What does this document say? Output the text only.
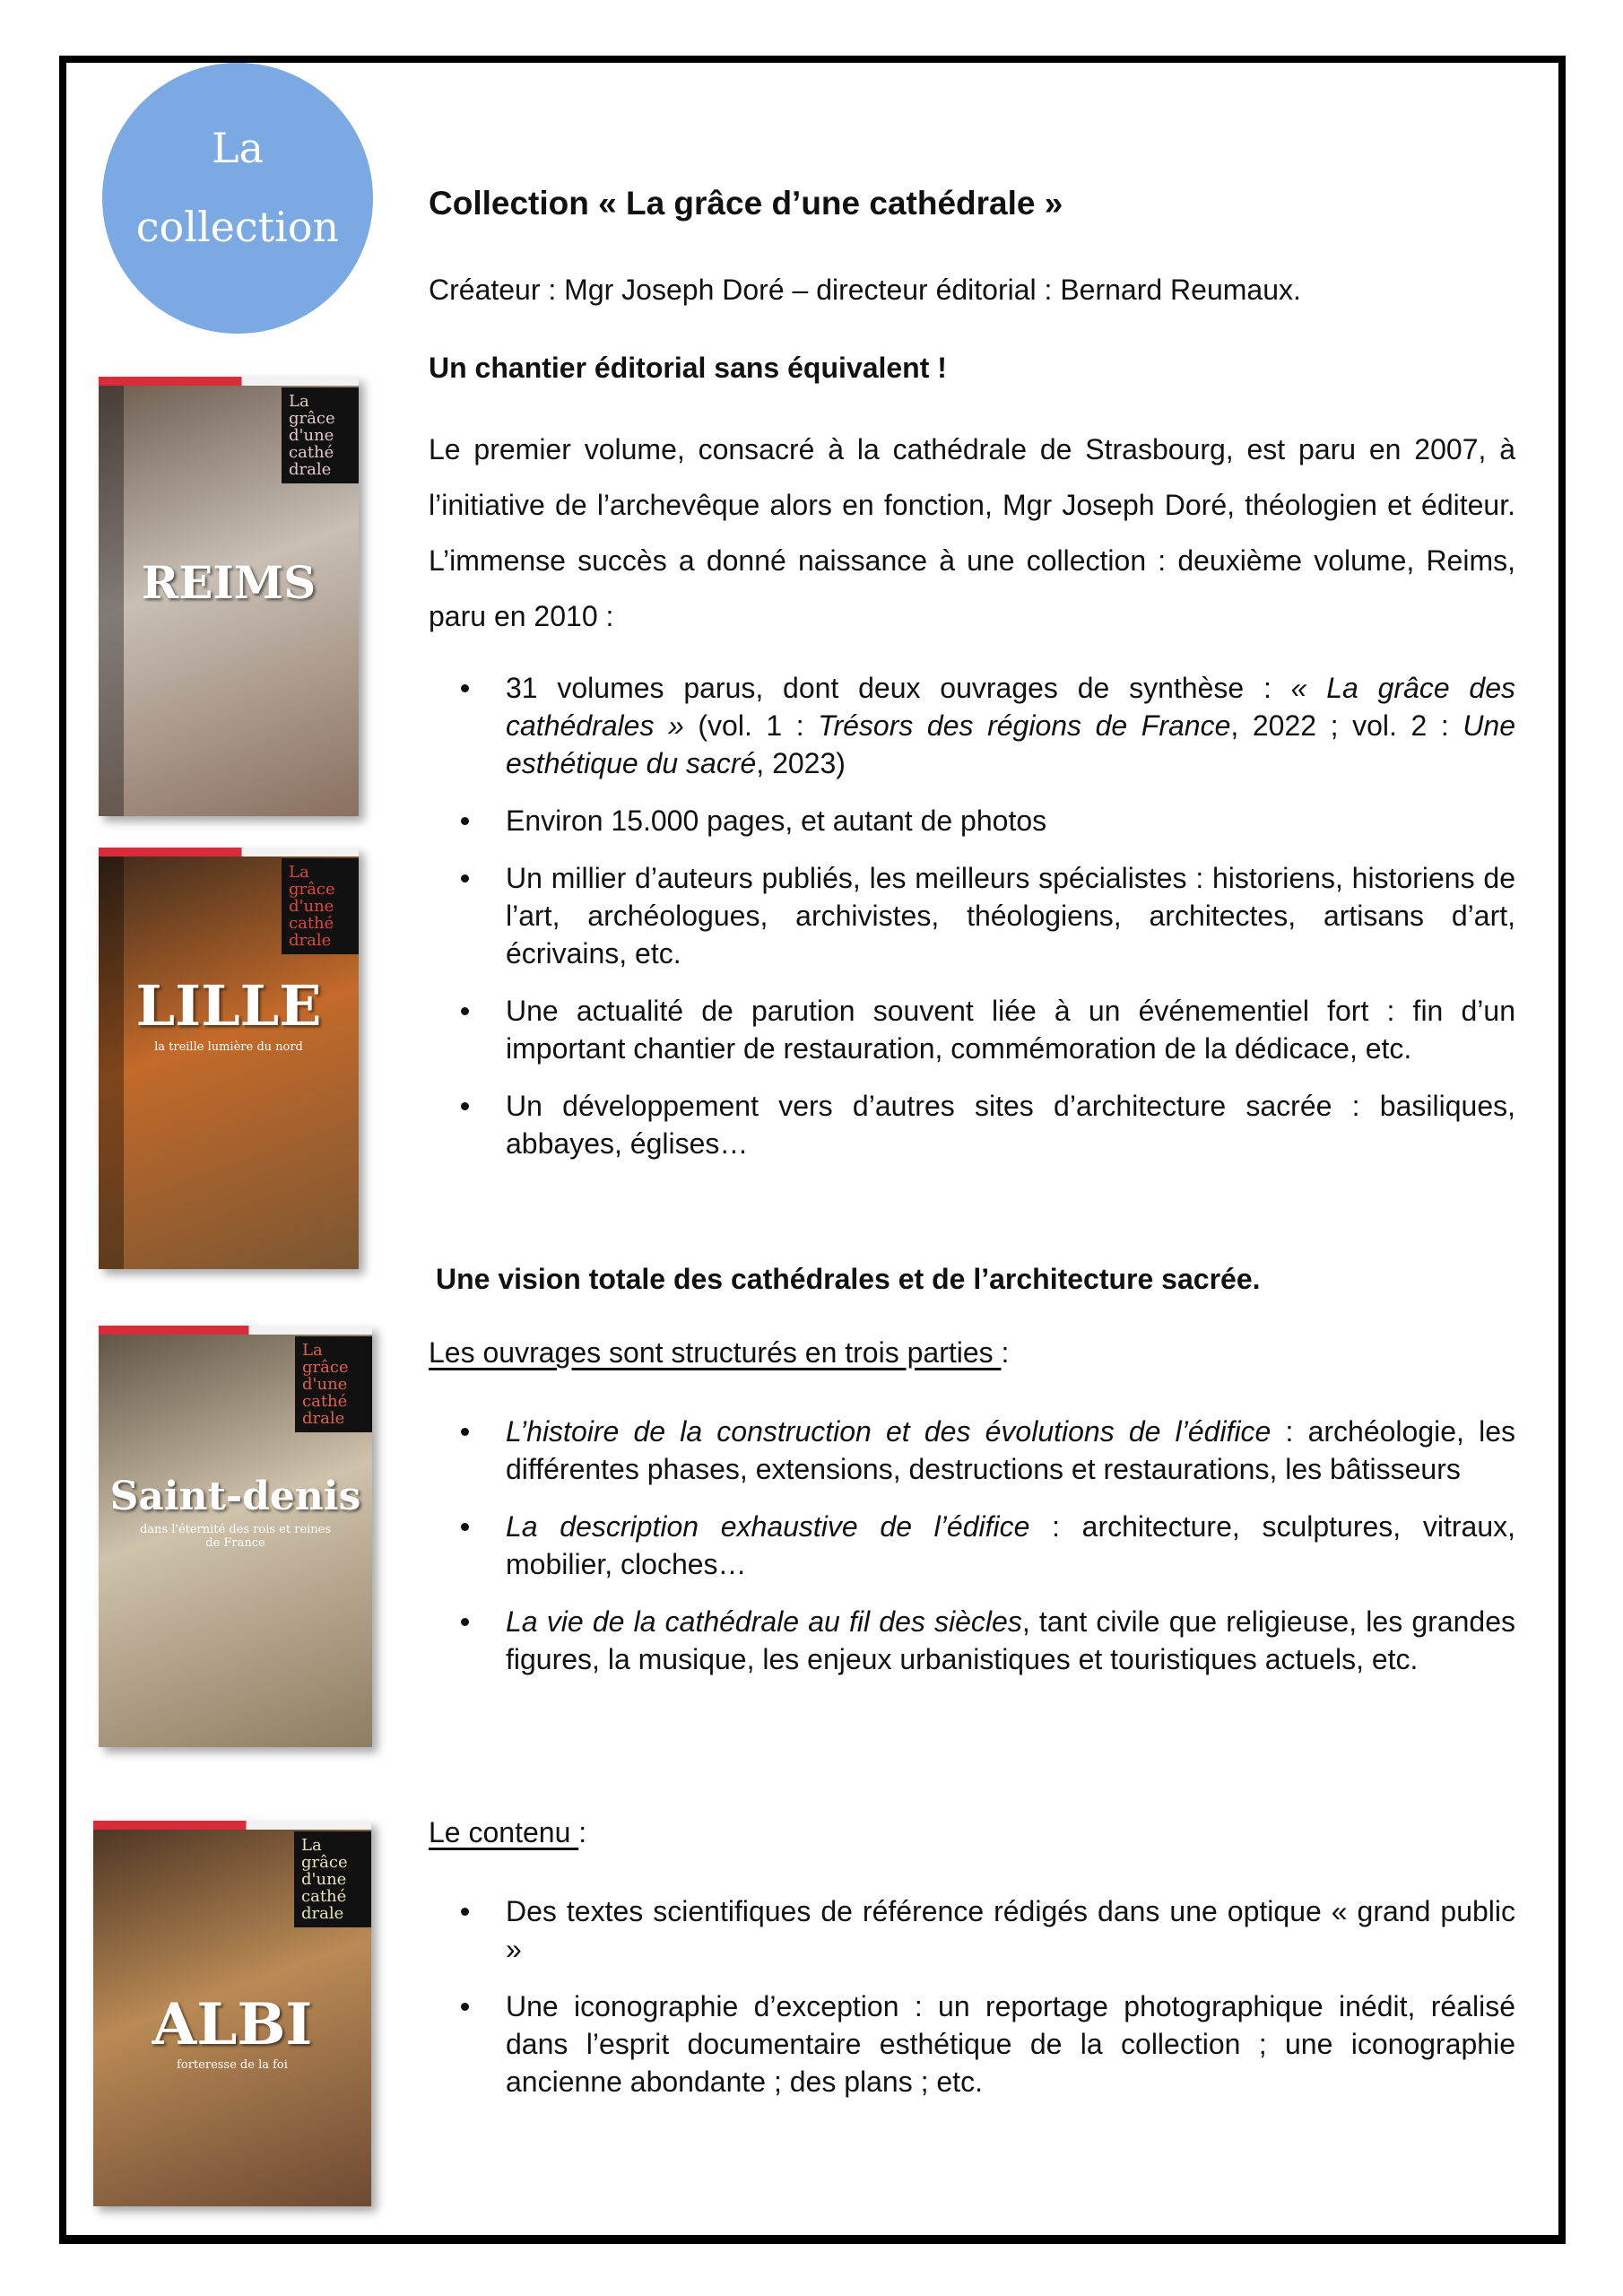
La
collection	Collection « La grâce d’une cathédrale »
Créateur : Mgr Joseph Doré – directeur éditorial : Bernard Reumaux.
Un chantier éditorial sans équivalent !
Le premier volume, consacré à la cathédrale de Strasbourg, est paru en 2007, à l’initiative de l’archevêque alors en fonction, Mgr Joseph Doré, théologien et éditeur. L’immense succès a donné naissance à une collection : deuxième volume, Reims, paru en 2010 :
31 volumes parus, dont deux ouvrages de synthèse : « La grâce des cathédrales » (vol. 1 : Trésors des régions de France, 2022 ; vol. 2 : Une esthétique du sacré, 2023)
Environ 15.000 pages, et autant de photos
Un millier d’auteurs publiés, les meilleurs spécialistes : historiens, historiens de l’art, archéologues, archivistes, théologiens, architectes, artisans d’art, écrivains, etc.
Une actualité de parution souvent liée à un événementiel fort : fin d’un important chantier de restauration, commémoration de la dédicace, etc.
Un développement vers d’autres sites d’architecture sacrée : basiliques, abbayes, églises…
Une vision totale des cathédrales et de l’architecture sacrée.
Les ouvrages sont structurés en trois parties :
L’histoire de la construction et des évolutions de l’édifice : archéologie, les différentes phases, extensions, destructions et restaurations, les bâtisseurs
La description exhaustive de l’édifice : architecture, sculptures, vitraux, mobilier, cloches…
La vie de la cathédrale au fil des siècles, tant civile que religieuse, les grandes figures, la musique, les enjeux urbanistiques et touristiques actuels, etc.
Le contenu :
Des textes scientifiques de référence rédigés dans une optique « grand public »
Une iconographie d’exception : un reportage photographique inédit, réalisé dans l’esprit documentaire esthétique de la collection ; une iconographie ancienne abondante ; des plans ; etc.
La grâce d'une cathé drale
REIMS
La grâce d'une cathé drale
LILLE
la treille lumière du nord
La grâce d'une cathé drale
Saint-denis
dans l'éternité des rois et reines de France
La grâce d'une cathé drale
ALBI
forteresse de la foi
